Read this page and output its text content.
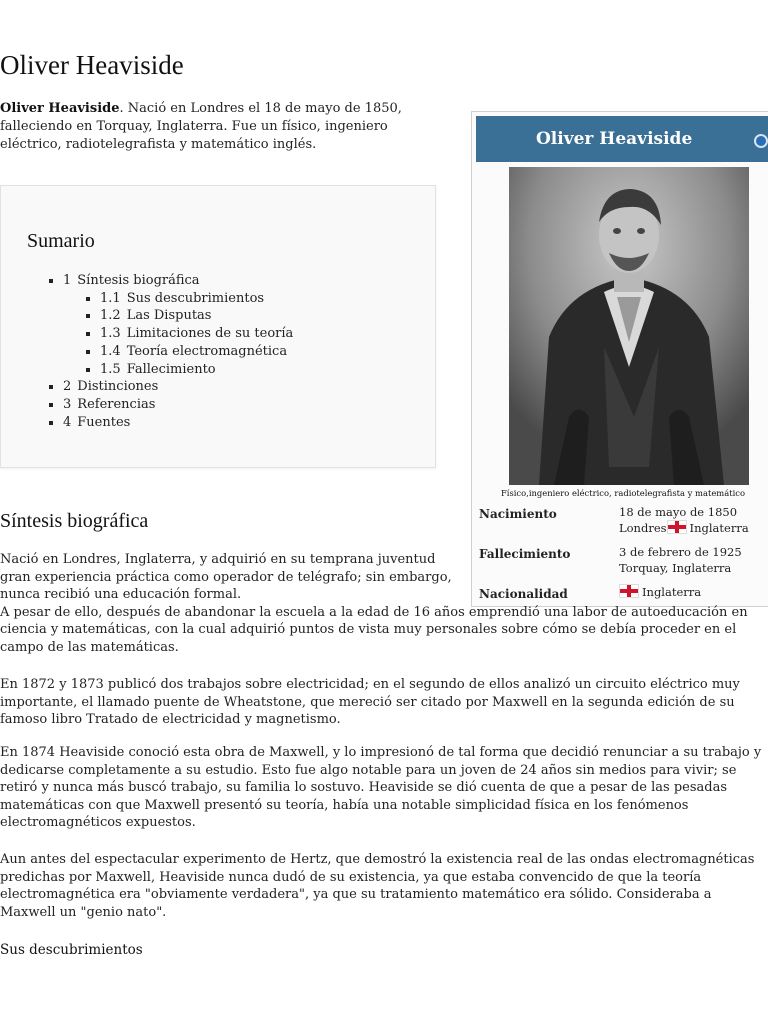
Oliver Heaviside

Oliver Heaviside. Nació en Londres el 18 de mayo de 1850, falleciendo en Torquay, Inglaterra. Fue un físico, ingeniero eléctrico, radiotelegrafista y matemático inglés.

Sumario
▪ 1 Síntesis biográfica
▪ 1.1 Sus descubrimientos
▪ 1.2 Las Disputas
▪ 1.3 Limitaciones de su teoría
▪ 1.4 Teoría electromagnética
▪ 1.5 Fallecimiento
▪ 2 Distinciones
▪ 3 Referencias
▪ 4 Fuentes
Oliver Heaviside
Físico,ingeniero eléctrico, radiotelegrafista y matemático
Nacimiento	18 de mayo de 1850
Londres Inglaterra
Fallecimiento	3 de febrero de 1925
Torquay, Inglaterra
Nacionalidad	Inglaterra
Síntesis biográfica

Nació en Londres, Inglaterra, y adquirió en su temprana juventud gran experiencia práctica como operador de telégrafo; sin embargo, nunca recibió una educación formal.
A pesar de ello, después de abandonar la escuela a la edad de 16 años emprendió una labor de autoeducación en ciencia y matemáticas, con la cual adquirió puntos de vista muy personales sobre cómo se debía proceder en el campo de las matemáticas.

En 1872 y 1873 publicó dos trabajos sobre electricidad; en el segundo de ellos analizó un circuito eléctrico muy importante, el llamado puente de Wheatstone, que mereció ser citado por Maxwell en la segunda edición de su famoso libro Tratado de electricidad y magnetismo.

En 1874 Heaviside conoció esta obra de Maxwell, y lo impresionó de tal forma que decidió renunciar a su trabajo y dedicarse completamente a su estudio. Esto fue algo notable para un joven de 24 años sin medios para vivir; se retiró y nunca más buscó trabajo, su familia lo sostuvo. Heaviside se dió cuenta de que a pesar de las pesadas matemáticas con que Maxwell presentó su teoría, había una notable simplicidad física en los fenómenos electromagnéticos expuestos.

Aun antes del espectacular experimento de Hertz, que demostró la existencia real de las ondas electromagnéticas predichas por Maxwell, Heaviside nunca dudó de su existencia, ya que estaba convencido de que la teoría electromagnética era "obviamente verdadera", ya que su tratamiento matemático era sólido. Consideraba a Maxwell un "genio nato".

Sus descubrimientos
